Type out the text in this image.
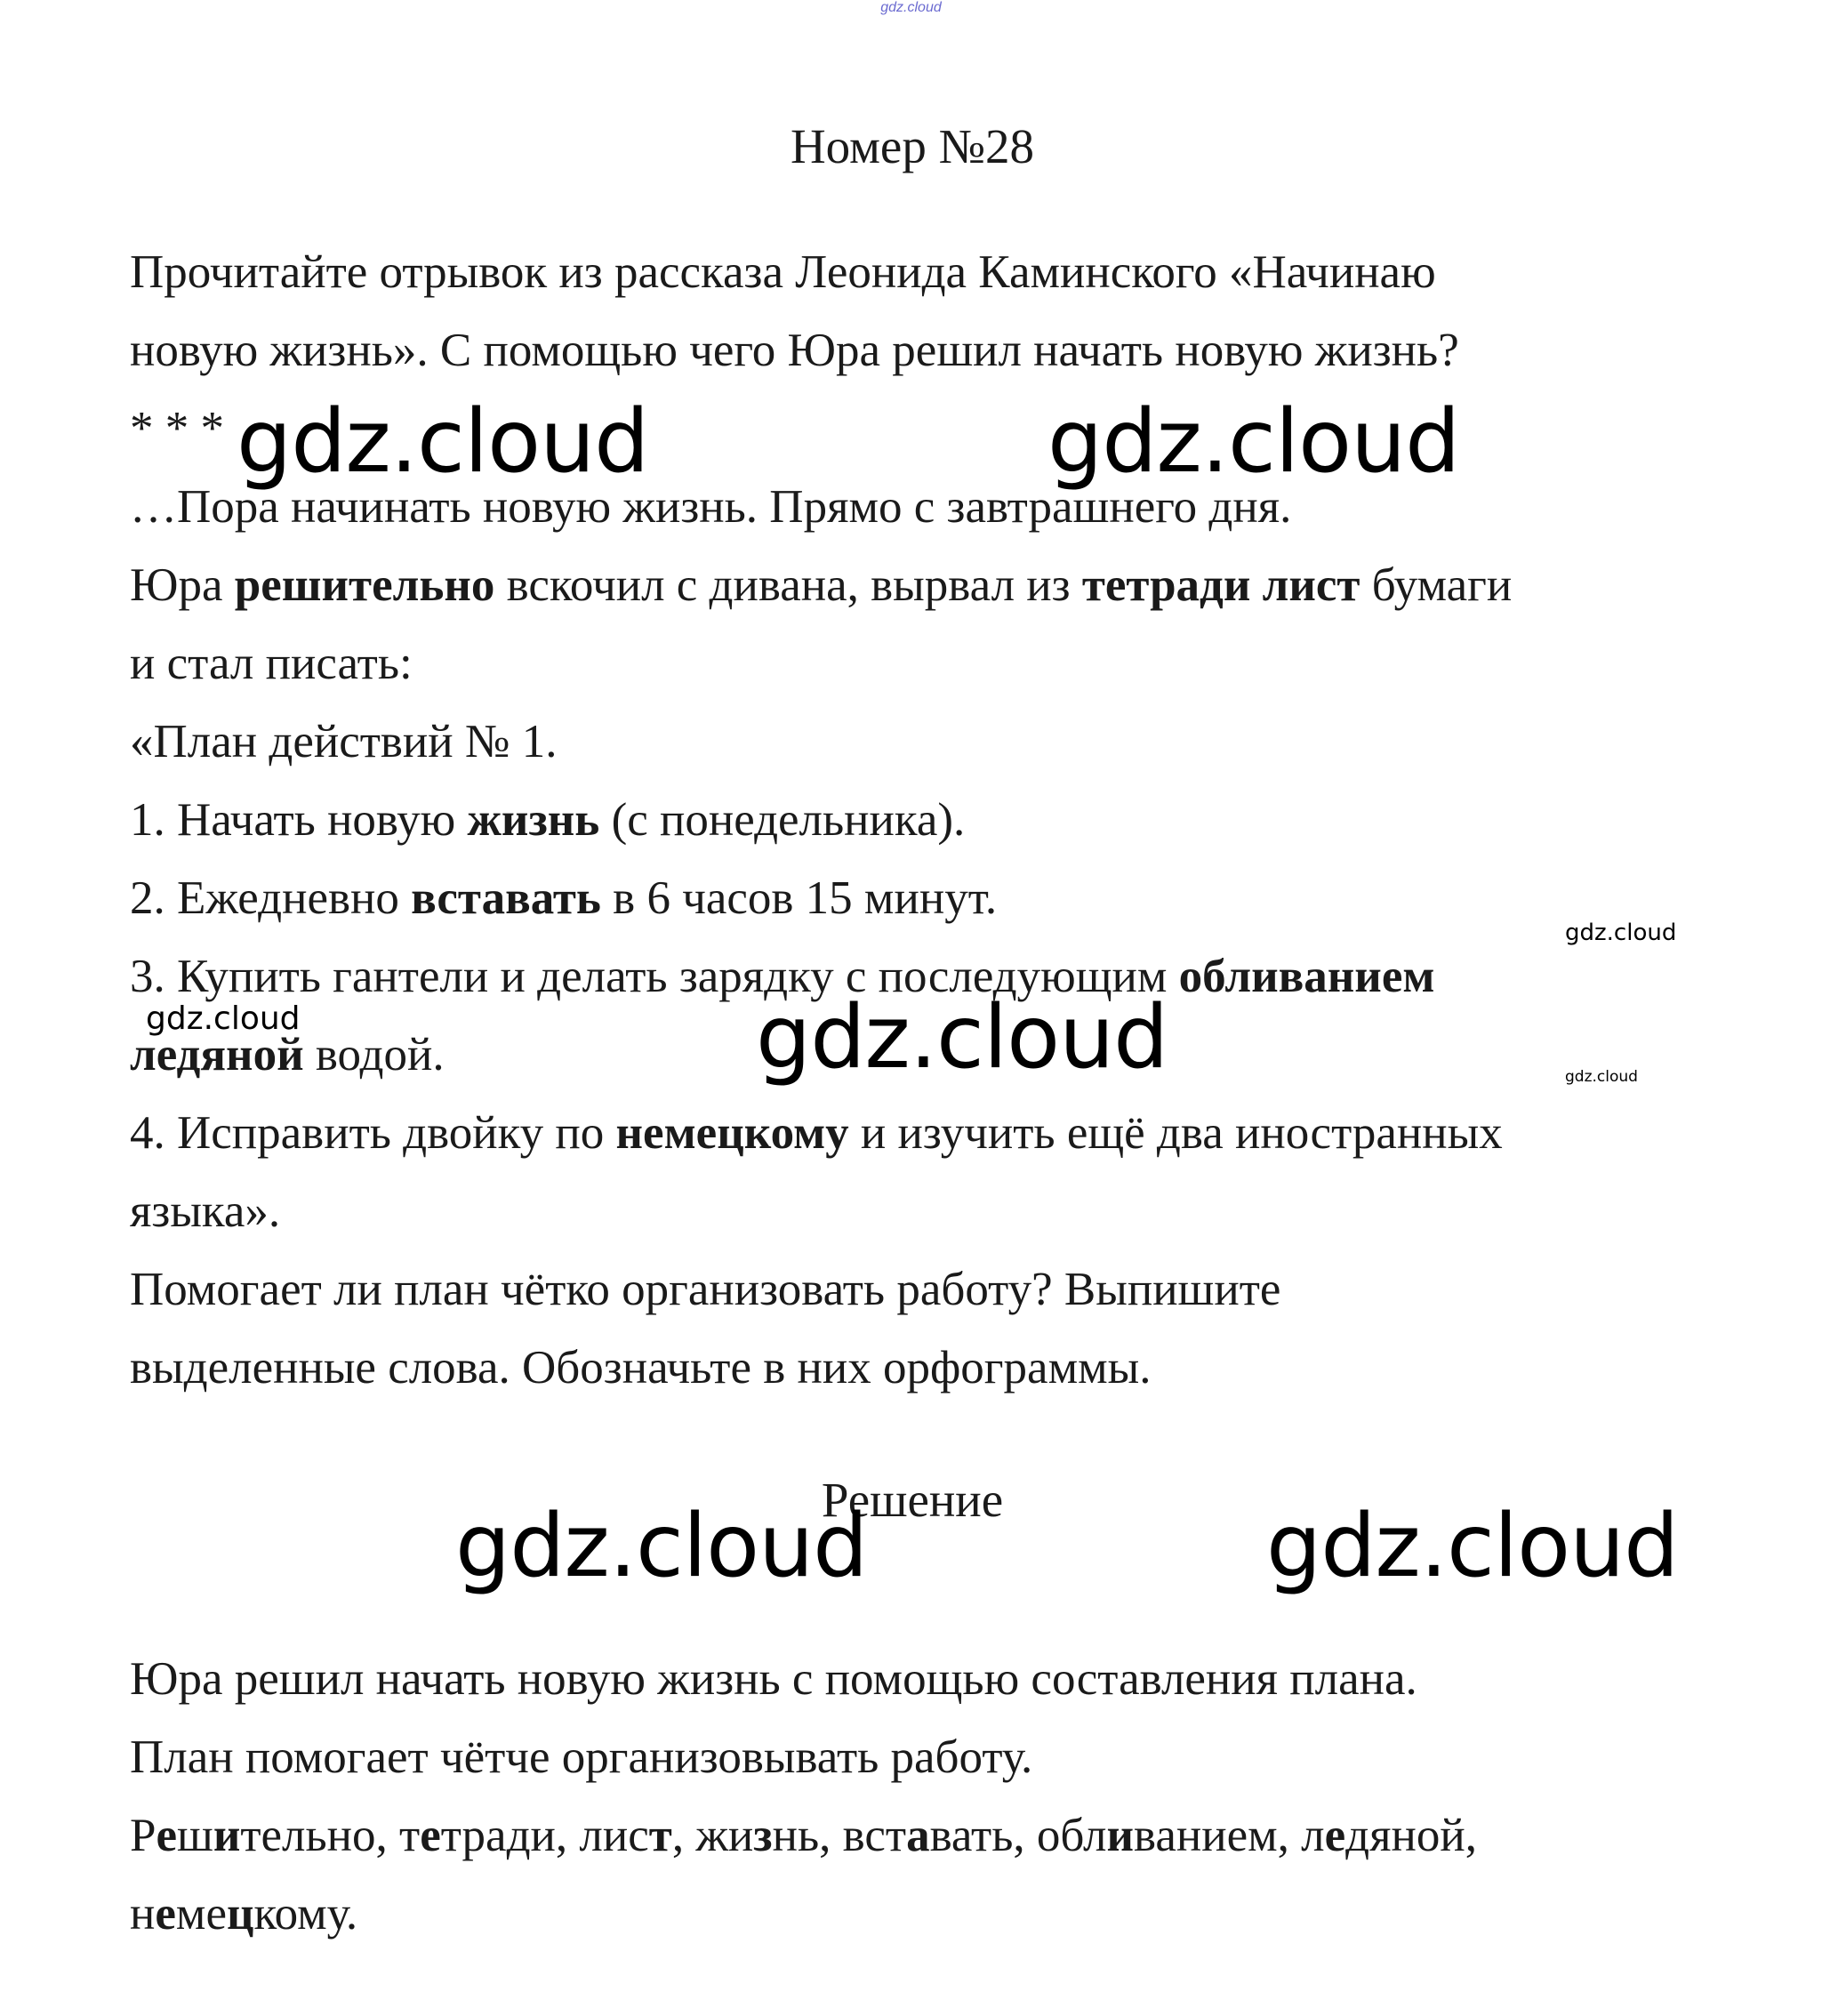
gdz.cloud
Номер №28

Прочитайте отрывок из рассказа Леонида Каминского «Начинаю

новую жизнь». С помощью чего Юра решил начать новую жизнь?

* * *

…Пора начинать новую жизнь. Прямо с завтрашнего дня.

Юра решительно вскочил с дивана, вырвал из тетради лист бумаги

и стал писать:

«План действий № 1.

1. Начать новую жизнь (с понедельника).

2. Ежедневно вставать в 6 часов 15 минут.

3. Купить гантели и делать зарядку с последующим обливанием

ледяной водой.

4. Исправить двойку по немецкому и изучить ещё два иностранных

языка».

Помогает ли план чётко организовать работу? Выпишите

выделенные слова. Обозначьте в них орфограммы.

Решение

Юра решил начать новую жизнь с помощью составления плана.

План помогает чётче организовывать работу.

Решительно, тетради, лист, жизнь, вставать, обливанием, ледяной,

немецкому.

gdz.cloud	gdz.cloud
gdz.cloud
gdz.cloud	gdz.cloud	gdz.cloud
gdz.cloud	gdz.cloud
